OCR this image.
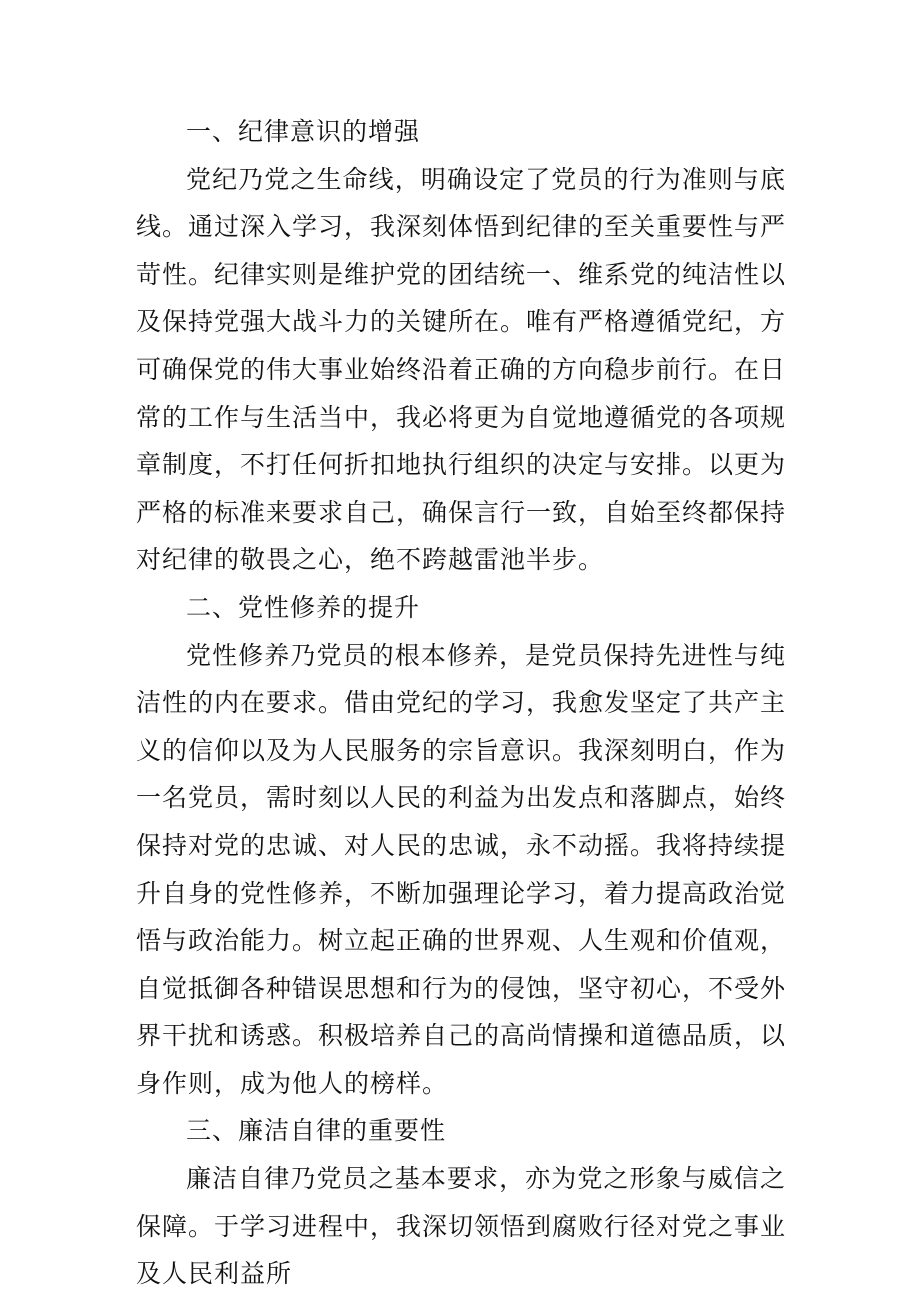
一、纪律意识的增强

党纪乃党之生命线，明确设定了党员的行为准则与底线。通过深入学习，我深刻体悟到纪律的至关重要性与严苛性。纪律实则是维护党的团结统一、维系党的纯洁性以及保持党强大战斗力的关键所在。唯有严格遵循党纪，方可确保党的伟大事业始终沿着正确的方向稳步前行。在日常的工作与生活当中，我必将更为自觉地遵循党的各项规章制度，不打任何折扣地执行组织的决定与安排。以更为严格的标准来要求自己，确保言行一致，自始至终都保持对纪律的敬畏之心，绝不跨越雷池半步。

二、党性修养的提升

党性修养乃党员的根本修养，是党员保持先进性与纯洁性的内在要求。借由党纪的学习，我愈发坚定了共产主义的信仰以及为人民服务的宗旨意识。我深刻明白，作为一名党员，需时刻以人民的利益为出发点和落脚点，始终保持对党的忠诚、对人民的忠诚，永不动摇。我将持续提升自身的党性修养，不断加强理论学习，着力提高政治觉悟与政治能力。树立起正确的世界观、人生观和价值观，自觉抵御各种错误思想和行为的侵蚀，坚守初心，不受外界干扰和诱惑。积极培养自己的高尚情操和道德品质，以身作则，成为他人的榜样。

三、廉洁自律的重要性

廉洁自律乃党员之基本要求，亦为党之形象与威信之保障。于学习进程中，我深切领悟到腐败行径对党之事业及人民利益所
